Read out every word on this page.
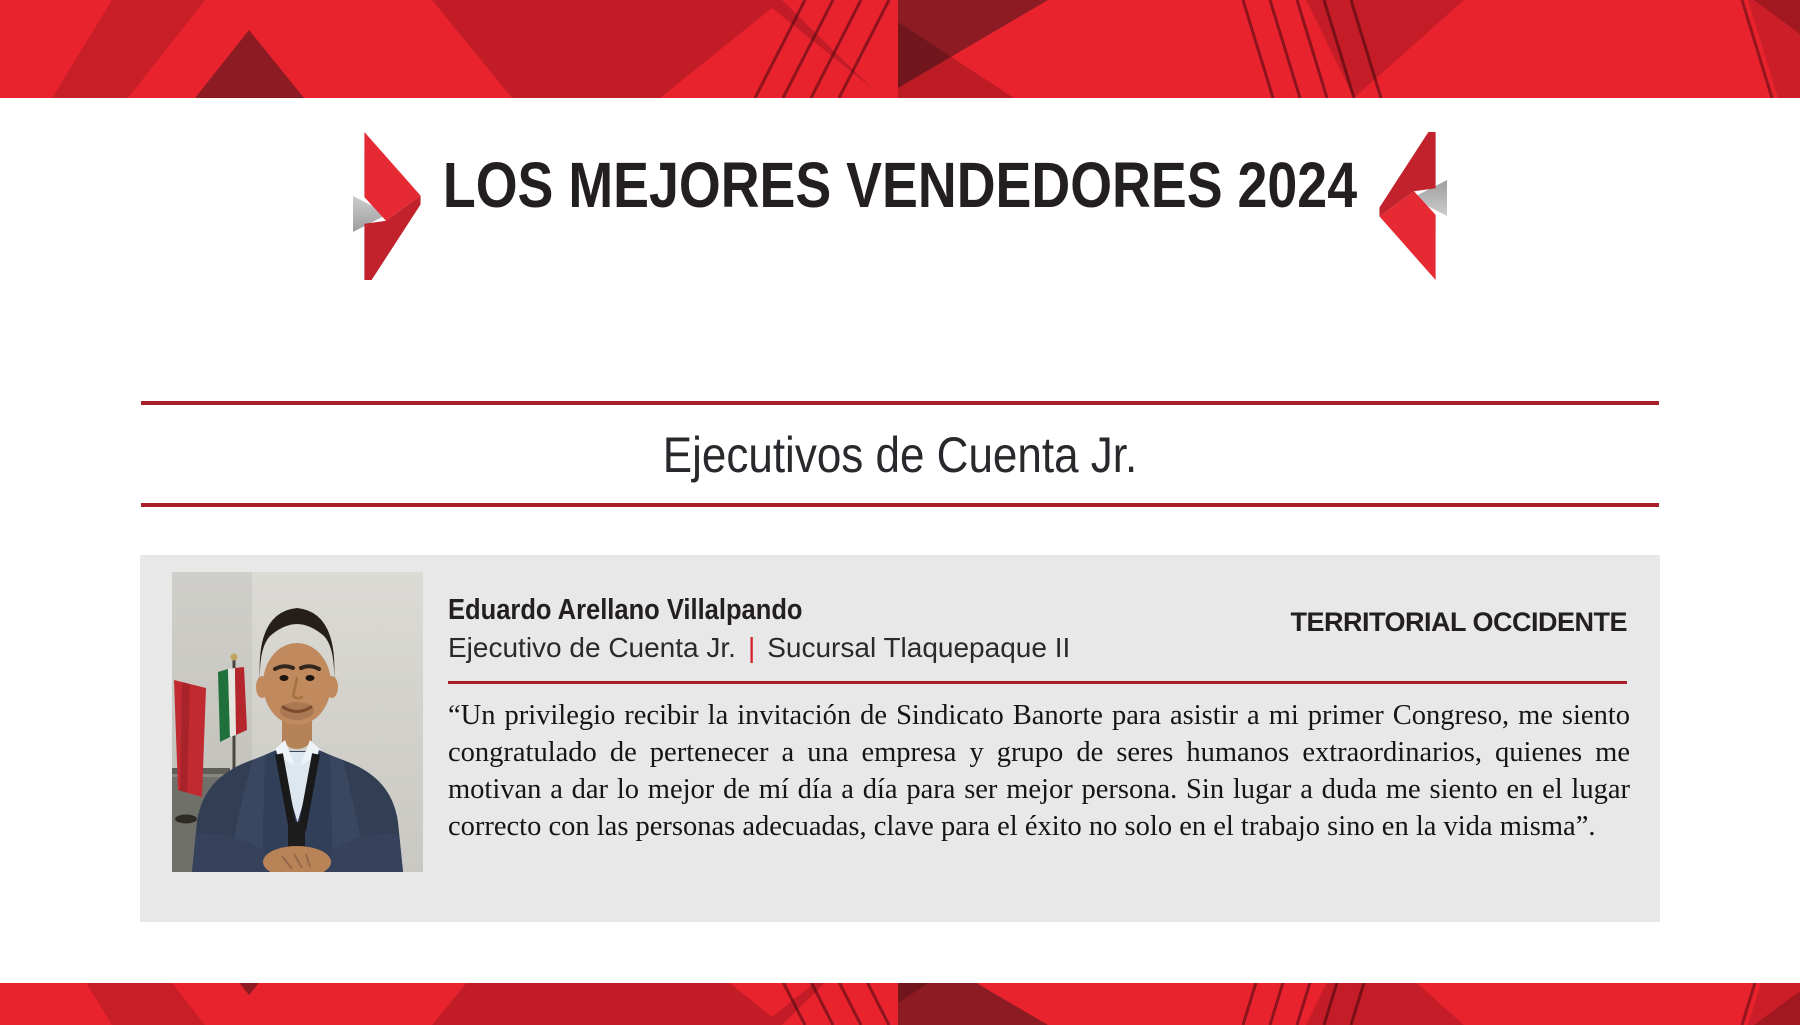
LOS MEJORES VENDEDORES 2024
Ejecutivos de Cuenta Jr.
Eduardo Arellano Villalpando
Ejecutivo de Cuenta Jr. | Sucursal Tlaquepaque II
TERRITORIAL OCCIDENTE

“Un privilegio recibir la invitación de Sindicato Banorte para asistir a mi primer Congreso, me siento congratulado de pertenecer a una empresa y grupo de seres humanos extraordinarios, quienes me motivan a dar lo mejor de mí día a día para ser mejor persona. Sin lugar a duda me siento en el lugar correcto con las personas adecuadas, clave para el éxito no solo en el trabajo sino en la vida misma”.
